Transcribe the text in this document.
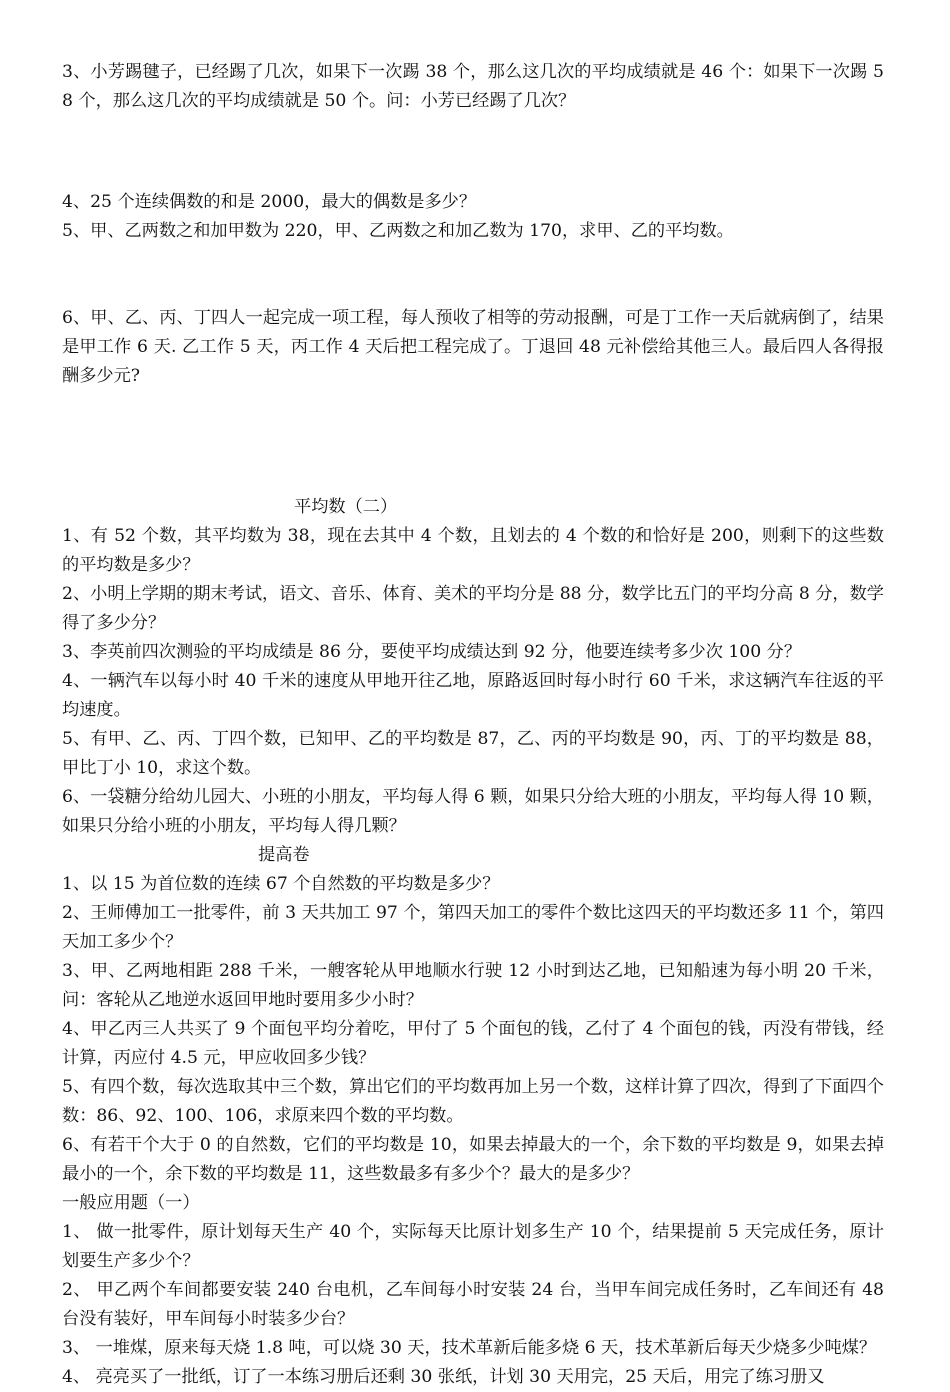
3、小芳踢毽子，已经踢了几次，如果下一次踢 38 个，那么这几次的平均成绩就是 46 个：如果下一次踢 58 个，那么这几次的平均成绩就是 50 个。问：小芳已经踢了几次？

4、25 个连续偶数的和是 2000，最大的偶数是多少？

5、甲、乙两数之和加甲数为 220，甲、乙两数之和加乙数为 170，求甲、乙的平均数。

6、甲、乙、丙、丁四人一起完成一项工程，每人预收了相等的劳动报酬，可是丁工作一天后就病倒了，结果是甲工作 6 天. 乙工作 5 天，丙工作 4 天后把工程完成了。丁退回 48 元补偿给其他三人。最后四人各得报酬多少元?

平均数（二）

1、有 52 个数，其平均数为 38，现在去其中 4 个数，且划去的 4 个数的和恰好是 200，则剩下的这些数的平均数是多少？

2、小明上学期的期末考试，语文、音乐、体育、美术的平均分是 88 分，数学比五门的平均分高 8 分，数学得了多少分？

3、李英前四次测验的平均成绩是 86 分，要使平均成绩达到 92 分，他要连续考多少次 100 分？

4、一辆汽车以每小时 40 千米的速度从甲地开往乙地，原路返回时每小时行 60 千米，求这辆汽车往返的平均速度。

5、有甲、乙、丙、丁四个数，已知甲、乙的平均数是 87，乙、丙的平均数是 90，丙、丁的平均数是 88，甲比丁小 10，求这个数。

6、一袋糖分给幼儿园大、小班的小朋友，平均每人得 6 颗，如果只分给大班的小朋友，平均每人得 10 颗，如果只分给小班的小朋友，平均每人得几颗？

提高卷

1、以 15 为首位数的连续 67 个自然数的平均数是多少？

2、王师傅加工一批零件，前 3 天共加工 97 个，第四天加工的零件个数比这四天的平均数还多 11 个，第四天加工多少个？

3、甲、乙两地相距 288 千米，一艘客轮从甲地顺水行驶 12 小时到达乙地，已知船速为每小明 20 千米，问：客轮从乙地逆水返回甲地时要用多少小时？

4、甲乙丙三人共买了 9 个面包平均分着吃，甲付了 5 个面包的钱，乙付了 4 个面包的钱，丙没有带钱，经计算，丙应付 4.5 元，甲应收回多少钱？

5、有四个数，每次选取其中三个数，算出它们的平均数再加上另一个数，这样计算了四次，得到了下面四个数：86、92、100、106，求原来四个数的平均数。

6、有若干个大于 0 的自然数，它们的平均数是 10，如果去掉最大的一个，余下数的平均数是 9，如果去掉最小的一个，余下数的平均数是 11，这些数最多有多少个？最大的是多少？

一般应用题（一）

1、 做一批零件，原计划每天生产 40 个，实际每天比原计划多生产 10 个，结果提前 5 天完成任务，原计划要生产多少个？

2、 甲乙两个车间都要安装 240 台电机，乙车间每小时安装 24 台，当甲车间完成任务时，乙车间还有 48 台没有装好，甲车间每小时装多少台？

3、 一堆煤，原来每天烧 1.8 吨，可以烧 30 天，技术革新后能多烧 6 天，技术革新后每天少烧多少吨煤？

4、 亮亮买了一批纸，订了一本练习册后还剩 30 张纸，计划 30 天用完，25 天后，用完了练习册又
